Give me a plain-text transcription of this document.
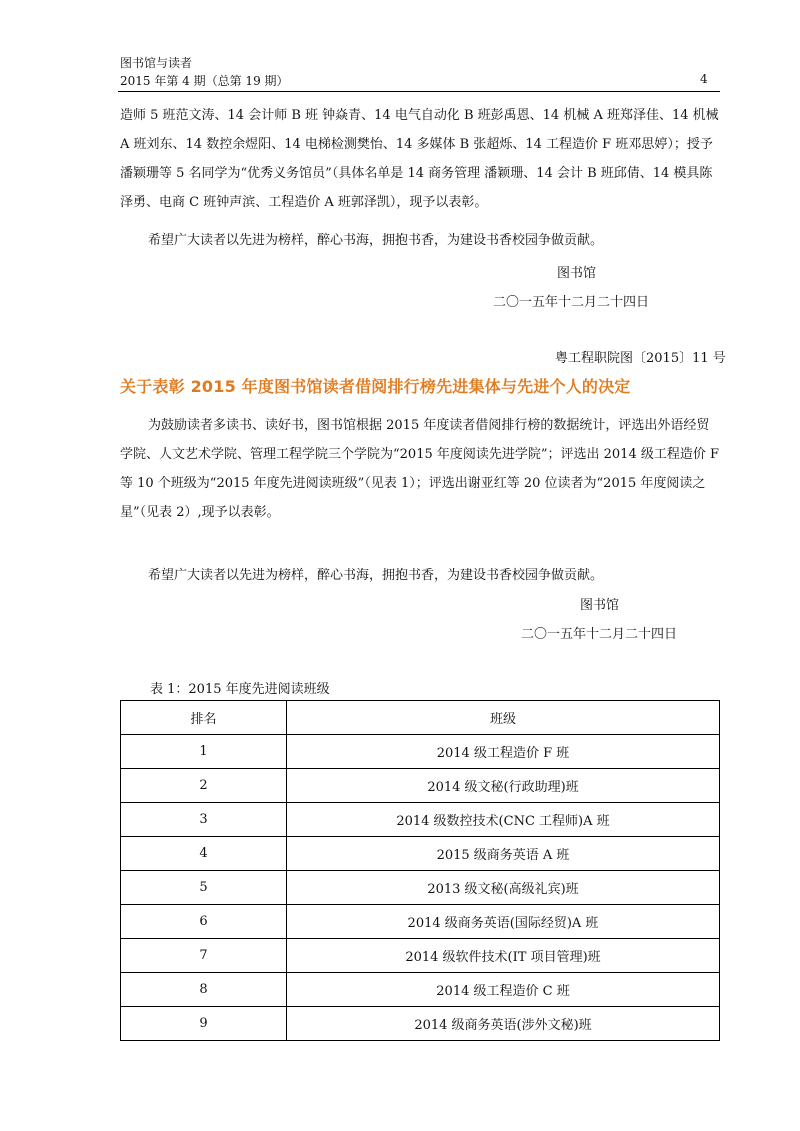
图书馆与读者
2015 年第 4 期（总第 19 期）	4
造师 5 班范文涛、14 会计师 B 班 钟焱青、14 电气自动化 B 班彭禹恩、14 机械 A 班郑泽佳、14 机械 A 班刘东、14 数控余煜阳、14 电梯检测樊怡、14 多媒体 B 张超烁、14 工程造价 F 班邓思婷）；授予潘颖珊等 5 名同学为“优秀义务馆员”（具体名单是 14 商务管理 潘颖珊、14 会计 B 班邱倩、14 模具陈泽勇、电商 C 班钟声滨、工程造价 A 班郭泽凯），现予以表彰。
希望广大读者以先进为榜样，醉心书海，拥抱书香，为建设书香校园争做贡献。
图书馆
二〇一五年十二月二十四日
粤工程职院图〔2015〕11 号
关于表彰 2015 年度图书馆读者借阅排行榜先进集体与先进个人的决定
为鼓励读者多读书、读好书，图书馆根据 2015 年度读者借阅排行榜的数据统计，评选出外语经贸学院、人文艺术学院、管理工程学院三个学院为“2015 年度阅读先进学院”；评选出 2014 级工程造价 F 等 10 个班级为“2015 年度先进阅读班级”（见表 1）；评选出谢亚红等 20 位读者为“2015 年度阅读之星”（见表 2）,现予以表彰。
希望广大读者以先进为榜样，醉心书海，拥抱书香，为建设书香校园争做贡献。
图书馆
二〇一五年十二月二十四日
表 1：2015 年度先进阅读班级
排名	班级
1	2014 级工程造价 F 班
2	2014 级文秘(行政助理)班
3	2014 级数控技术(CNC 工程师)A 班
4	2015 级商务英语 A 班
5	2013 级文秘(高级礼宾)班
6	2014 级商务英语(国际经贸)A 班
7	2014 级软件技术(IT 项目管理)班
8	2014 级工程造价 C 班
9	2014 级商务英语(涉外文秘)班
